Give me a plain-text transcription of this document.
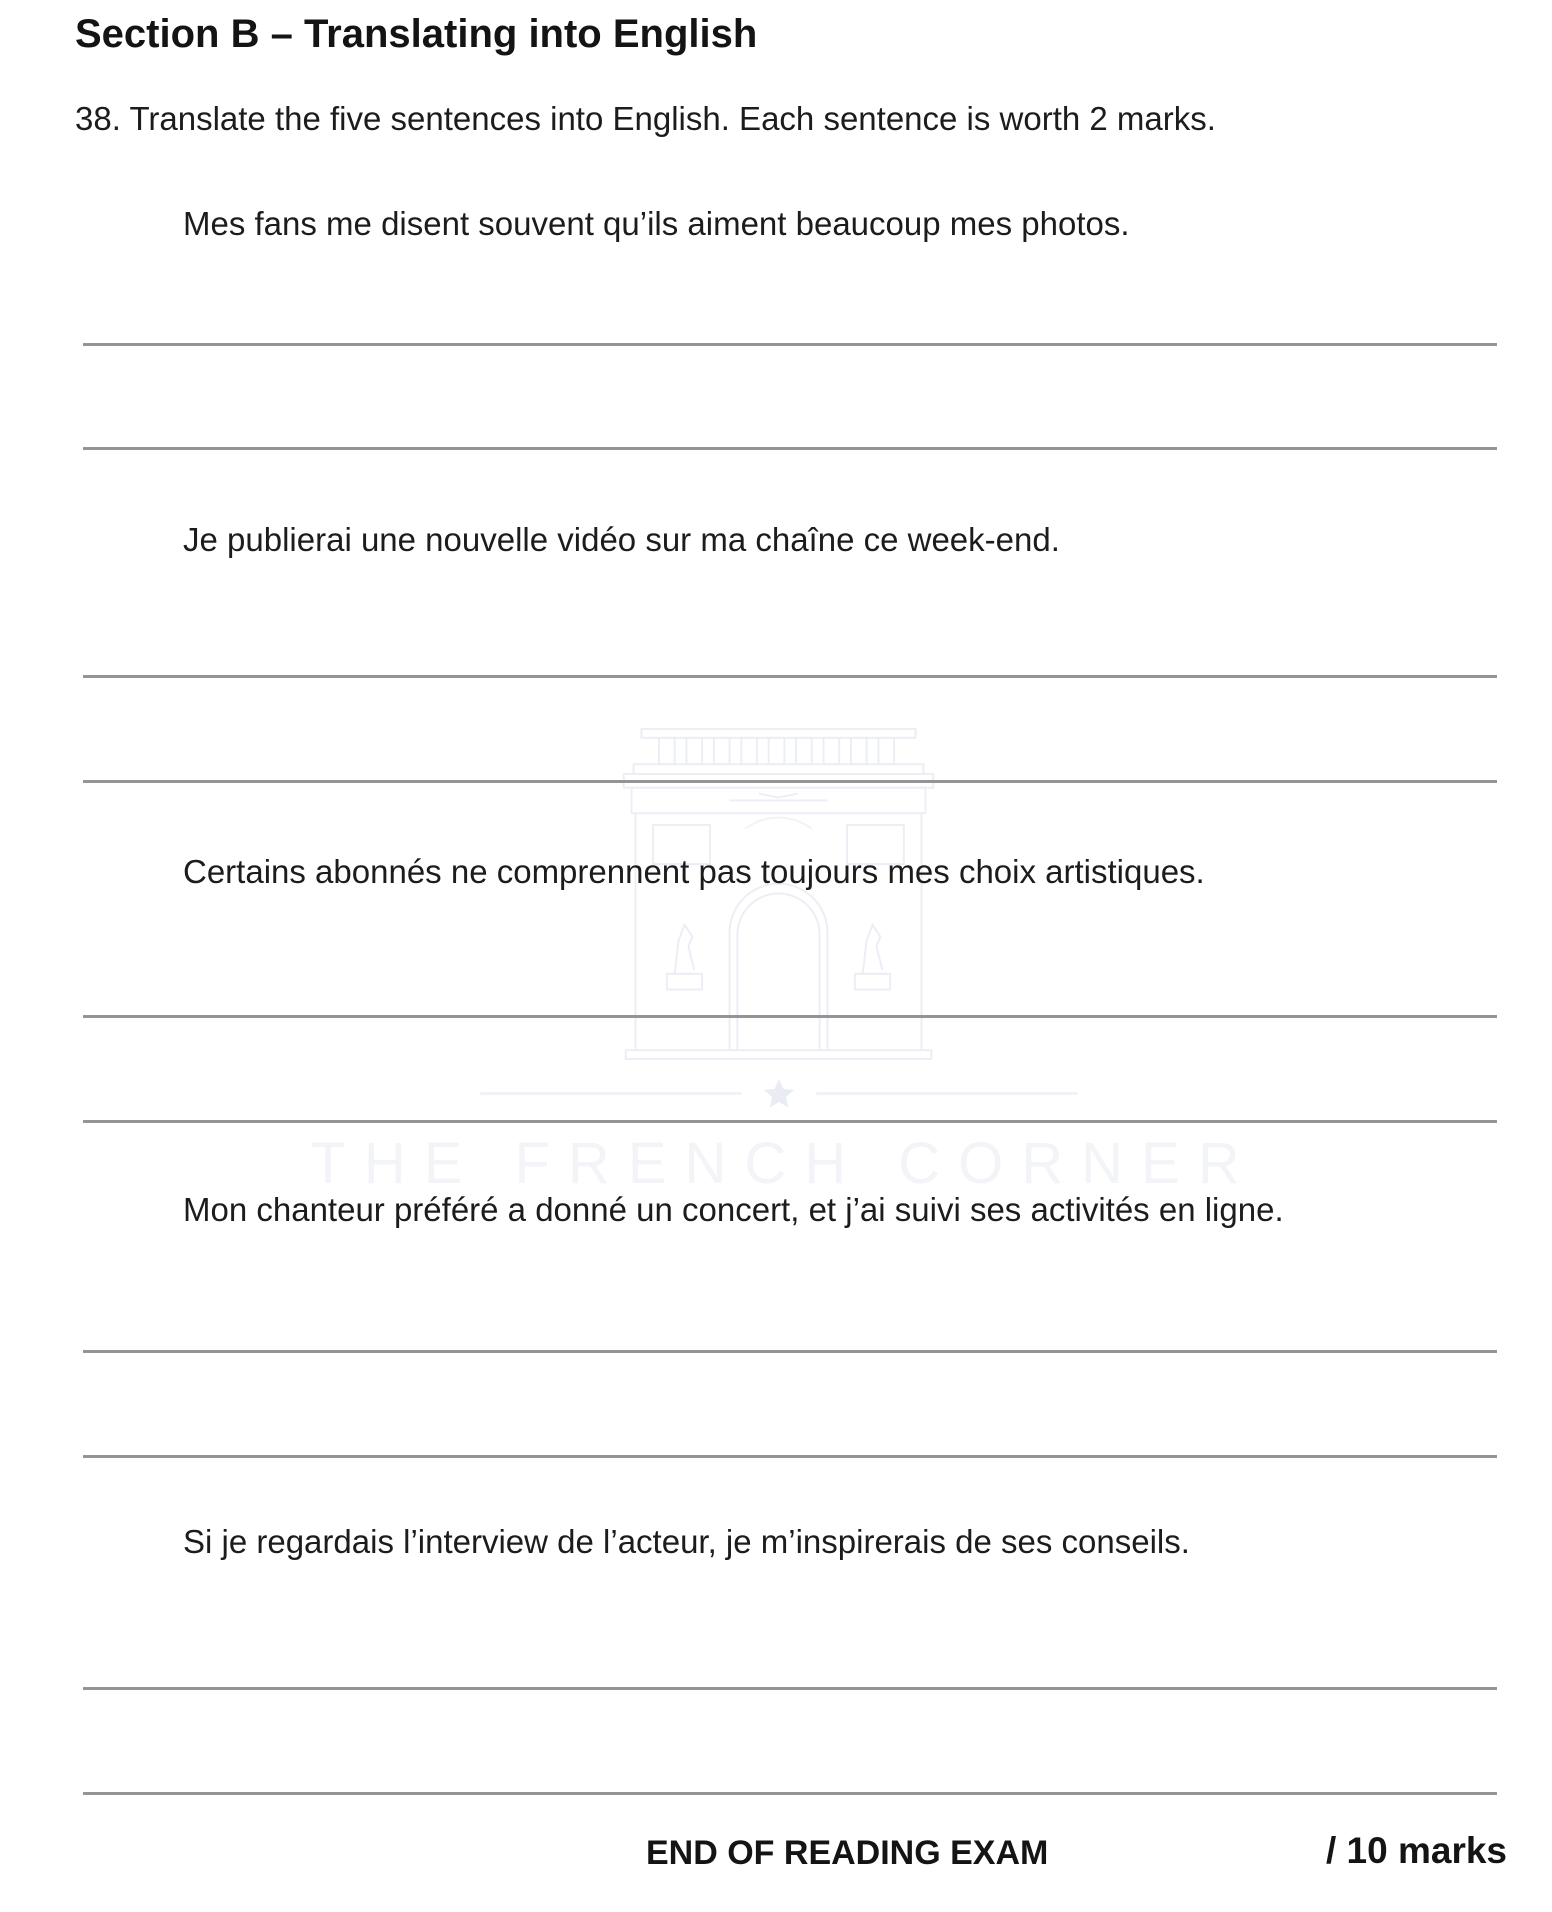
THE FRENCH CORNER
Section B – Translating into English
38. Translate the five sentences into English. Each sentence is worth 2 marks.
Mes fans me disent souvent qu’ils aiment beaucoup mes photos.
Je publierai une nouvelle vidéo sur ma chaîne ce week-end.
Certains abonnés ne comprennent pas toujours mes choix artistiques.
Mon chanteur préféré a donné un concert, et j’ai suivi ses activités en ligne.
Si je regardais l’interview de l’acteur, je m’inspirerais de ses conseils.
END OF READING EXAM	/ 10 marks
